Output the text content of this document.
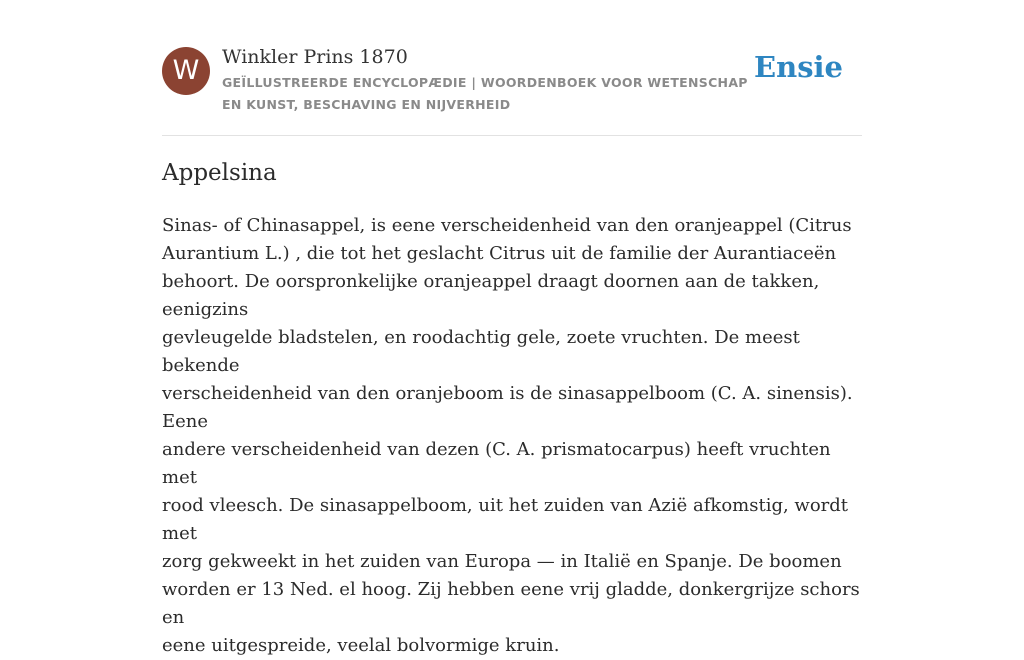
W	Winkler Prins 1870
GEÏLLUSTREERDE ENCYCLOPÆDIE | WOORDENBOEK VOOR WETENSCHAP EN KUNST, BESCHAVING EN NIJVERHEID
Ensie
Appelsina

Sinas- of Chinasappel, is eene verscheidenheid van den oranjeappel (Citrus
Aurantium L.) , die tot het geslacht Citrus uit de familie der Aurantiaceën
behoort. De oorspronkelijke oranjeappel draagt doornen aan de takken, eenigzins
gevleugelde bladstelen, en roodachtig gele, zoete vruchten. De meest bekende
verscheidenheid van den oranjeboom is de sinasappelboom (C. A. sinensis). Eene
andere verscheidenheid van dezen (C. A. prismatocarpus) heeft vruchten met
rood vleesch. De sinasappelboom, uit het zuiden van Azië afkomstig, wordt met
zorg gekweekt in het zuiden van Europa — in Italië en Spanje. De boomen
worden er 13 Ned. el hoog. Zij hebben eene vrij gladde, donkergrijze schors en
eene uitgespreide, veelal bolvormige kruin.
